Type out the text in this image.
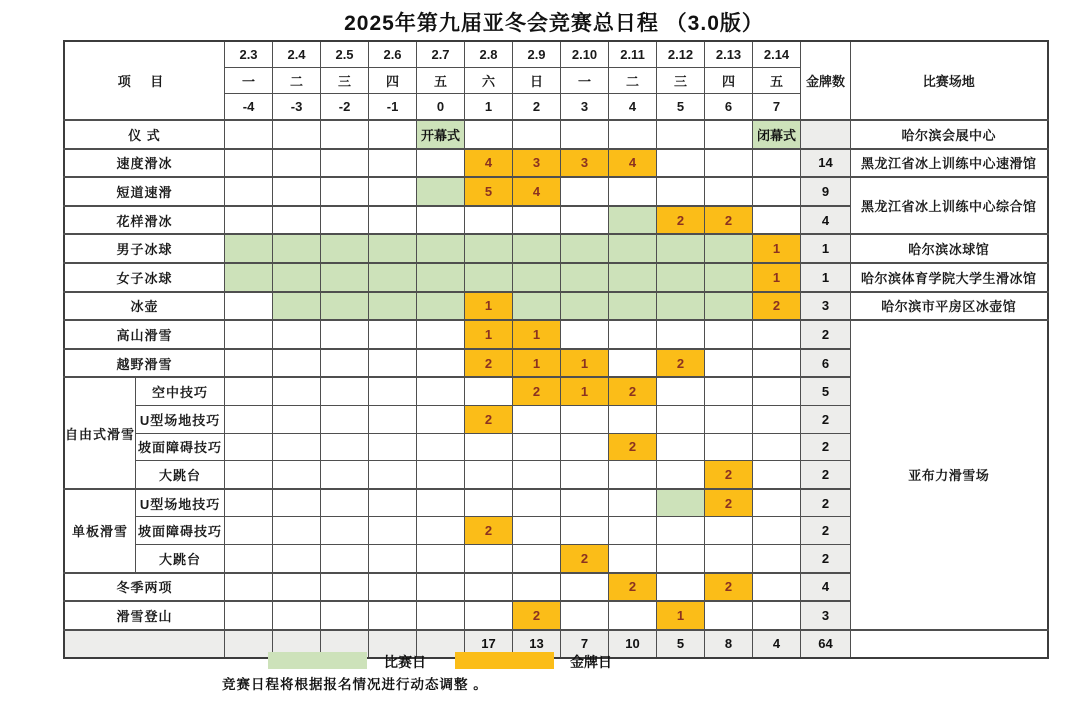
2025年第九届亚冬会竞赛总日程 （3.0版）
项 目		2.3	2.4	2.5	2.6	2.7	2.8	2.9	2.10	2.11	2.12	2.13	2.14	金牌数	比赛场地
		一	二	三	四	五	六	日	一	二	三	四	五		
		-4	-3	-2	-1	0	1	2	3	4	5	6	7		
仪 式						开幕式							闭幕式		哈尔滨会展中心
速度滑冰							4	3	3	4				14	黑龙江省冰上训练中心速滑馆
短道速滑							5	4						9	黑龙江省冰上训练中心综合馆
花样滑冰											2	2		4	
男子冰球													1	1	哈尔滨冰球馆
女子冰球													1	1	哈尔滨体育学院大学生滑冰馆
冰壶							1						2	3	哈尔滨市平房区冰壶馆
高山滑雪							1	1						2	亚布力滑雪场
越野滑雪							2	1	1		2			6	
自由式滑雪	空中技巧							2	1	2				5	
	U型场地技巧						2							2	
	坡面障碍技巧									2				2	
	大跳台											2		2	
单板滑雪	U型场地技巧											2		2	
	坡面障碍技巧						2							2	
	大跳台								2					2	
冬季两项										2		2		4	
滑雪登山								2			1			3	
							17	13	7	10	5	8	4	64	
比赛日	金牌日
竞赛日程将根据报名情况进行动态调整 。
